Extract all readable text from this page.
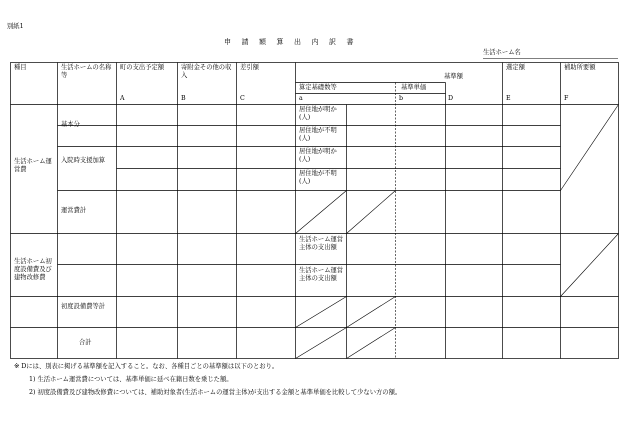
別紙1
申請額算出内訳書
生活ホーム名
種目	生活ホームの名称等
町の支出予定額
A
寄附金その他の収入
B
差引額
C
基準額
算定基礎数等
a
基準単価
b	D
選定額
E
補助所要額
F
生活ホーム運営費
基本分
入院時支援加算
運営費計
居住地が明か(人)
居住地が不明(人)
居住地が明か(人)
居住地が不明(人)
生活ホーム初度設備費及び建物改修費
生活ホーム運営主体の支出額
生活ホーム運営主体の支出額
初度設備費等計
合計
※ Dには、別表に掲げる基準額を記入すること。なお、各種目ごとの基準額は以下のとおり。
1) 生活ホーム運営費については、基準単価に延べ在籍日数を乗じた額。
2) 初度設備費及び建物改修費については、補助対象者(生活ホームの運営主体)が支出する金額と基準単価を比較して少ない方の額。
